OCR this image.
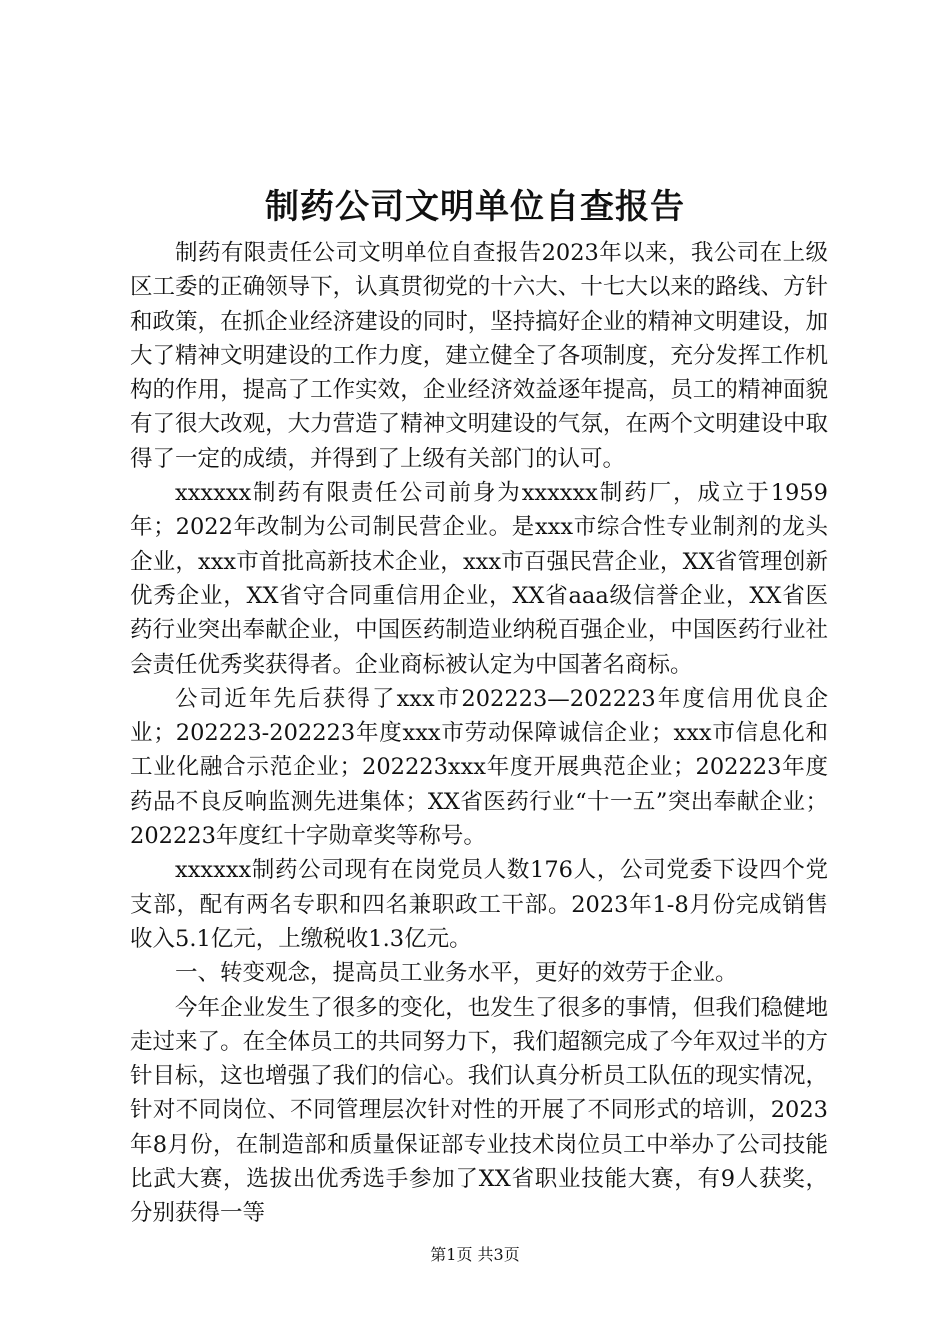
制药公司文明单位自查报告

制药有限责任公司文明单位自查报告2023年以来，我公司在上级区工委的正确领导下，认真贯彻党的十六大、十七大以来的路线、方针和政策，在抓企业经济建设的同时，坚持搞好企业的精神文明建设，加大了精神文明建设的工作力度，建立健全了各项制度，充分发挥工作机构的作用，提高了工作实效，企业经济效益逐年提高，员工的精神面貌有了很大改观，大力营造了精神文明建设的气氛，在两个文明建设中取得了一定的成绩，并得到了上级有关部门的认可。

xxxxxx制药有限责任公司前身为xxxxxx制药厂，成立于1959年；2022年改制为公司制民营企业。是xxx市综合性专业制剂的龙头企业，xxx市首批高新技术企业，xxx市百强民营企业，XX省管理创新优秀企业，XX省守合同重信用企业，XX省aaa级信誉企业，XX省医药行业突出奉献企业，中国医药制造业纳税百强企业，中国医药行业社会责任优秀奖获得者。企业商标被认定为中国著名商标。

公司近年先后获得了xxx市202223—202223年度信用优良企业；202223-202223年度xxx市劳动保障诚信企业；xxx市信息化和工业化融合示范企业；202223xxx年度开展典范企业；202223年度药品不良反响监测先进集体；XX省医药行业“十一五”突出奉献企业；202223年度红十字勋章奖等称号。

xxxxxx制药公司现有在岗党员人数176人，公司党委下设四个党支部，配有两名专职和四名兼职政工干部。2023年1-8月份完成销售收入5.1亿元，上缴税收1.3亿元。

一、转变观念，提高员工业务水平，更好的效劳于企业。

今年企业发生了很多的变化，也发生了很多的事情，但我们稳健地走过来了。在全体员工的共同努力下，我们超额完成了今年双过半的方针目标，这也增强了我们的信心。我们认真分析员工队伍的现实情况，针对不同岗位、不同管理层次针对性的开展了不同形式的培训，2023年8月份，在制造部和质量保证部专业技术岗位员工中举办了公司技能比武大赛，选拔出优秀选手参加了XX省职业技能大赛，有9人获奖，分别获得一等

第1页 共3页
